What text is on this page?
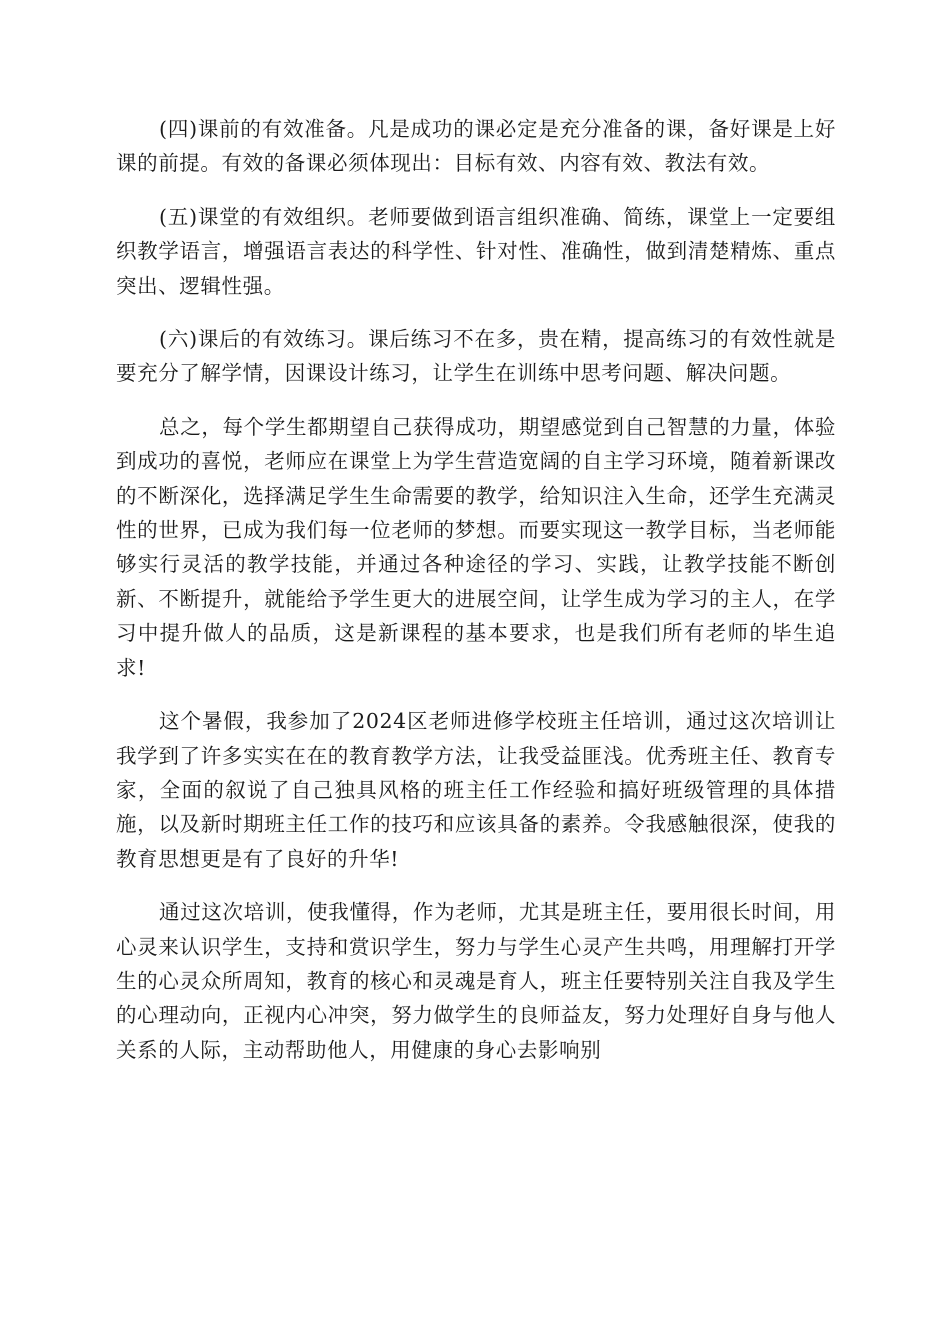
(四)课前的有效准备。凡是成功的课必定是充分准备的课，备好课是上好课的前提。有效的备课必须体现出：目标有效、内容有效、教法有效。

(五)课堂的有效组织。老师要做到语言组织准确、简练，课堂上一定要组织教学语言，增强语言表达的科学性、针对性、准确性，做到清楚精炼、重点突出、逻辑性强。

(六)课后的有效练习。课后练习不在多，贵在精，提高练习的有效性就是要充分了解学情，因课设计练习，让学生在训练中思考问题、解决问题。

总之，每个学生都期望自己获得成功，期望感觉到自己智慧的力量，体验到成功的喜悦，老师应在课堂上为学生营造宽阔的自主学习环境，随着新课改的不断深化，选择满足学生生命需要的教学，给知识注入生命，还学生充满灵性的世界，已成为我们每一位老师的梦想。而要实现这一教学目标，当老师能够实行灵活的教学技能，并通过各种途径的学习、实践，让教学技能不断创新、不断提升，就能给予学生更大的进展空间，让学生成为学习的主人，在学习中提升做人的品质，这是新课程的基本要求，也是我们所有老师的毕生追求!

这个暑假，我参加了2024区老师进修学校班主任培训，通过这次培训让我学到了许多实实在在的教育教学方法，让我受益匪浅。优秀班主任、教育专家，全面的叙说了自己独具风格的班主任工作经验和搞好班级管理的具体措施，以及新时期班主任工作的技巧和应该具备的素养。令我感触很深，使我的教育思想更是有了良好的升华!

通过这次培训，使我懂得，作为老师，尤其是班主任，要用很长时间，用心灵来认识学生，支持和赏识学生，努力与学生心灵产生共鸣，用理解打开学生的心灵众所周知，教育的核心和灵魂是育人，班主任要特别关注自我及学生的心理动向，正视内心冲突，努力做学生的良师益友，努力处理好自身与他人关系的人际，主动帮助他人，用健康的身心去影响别
